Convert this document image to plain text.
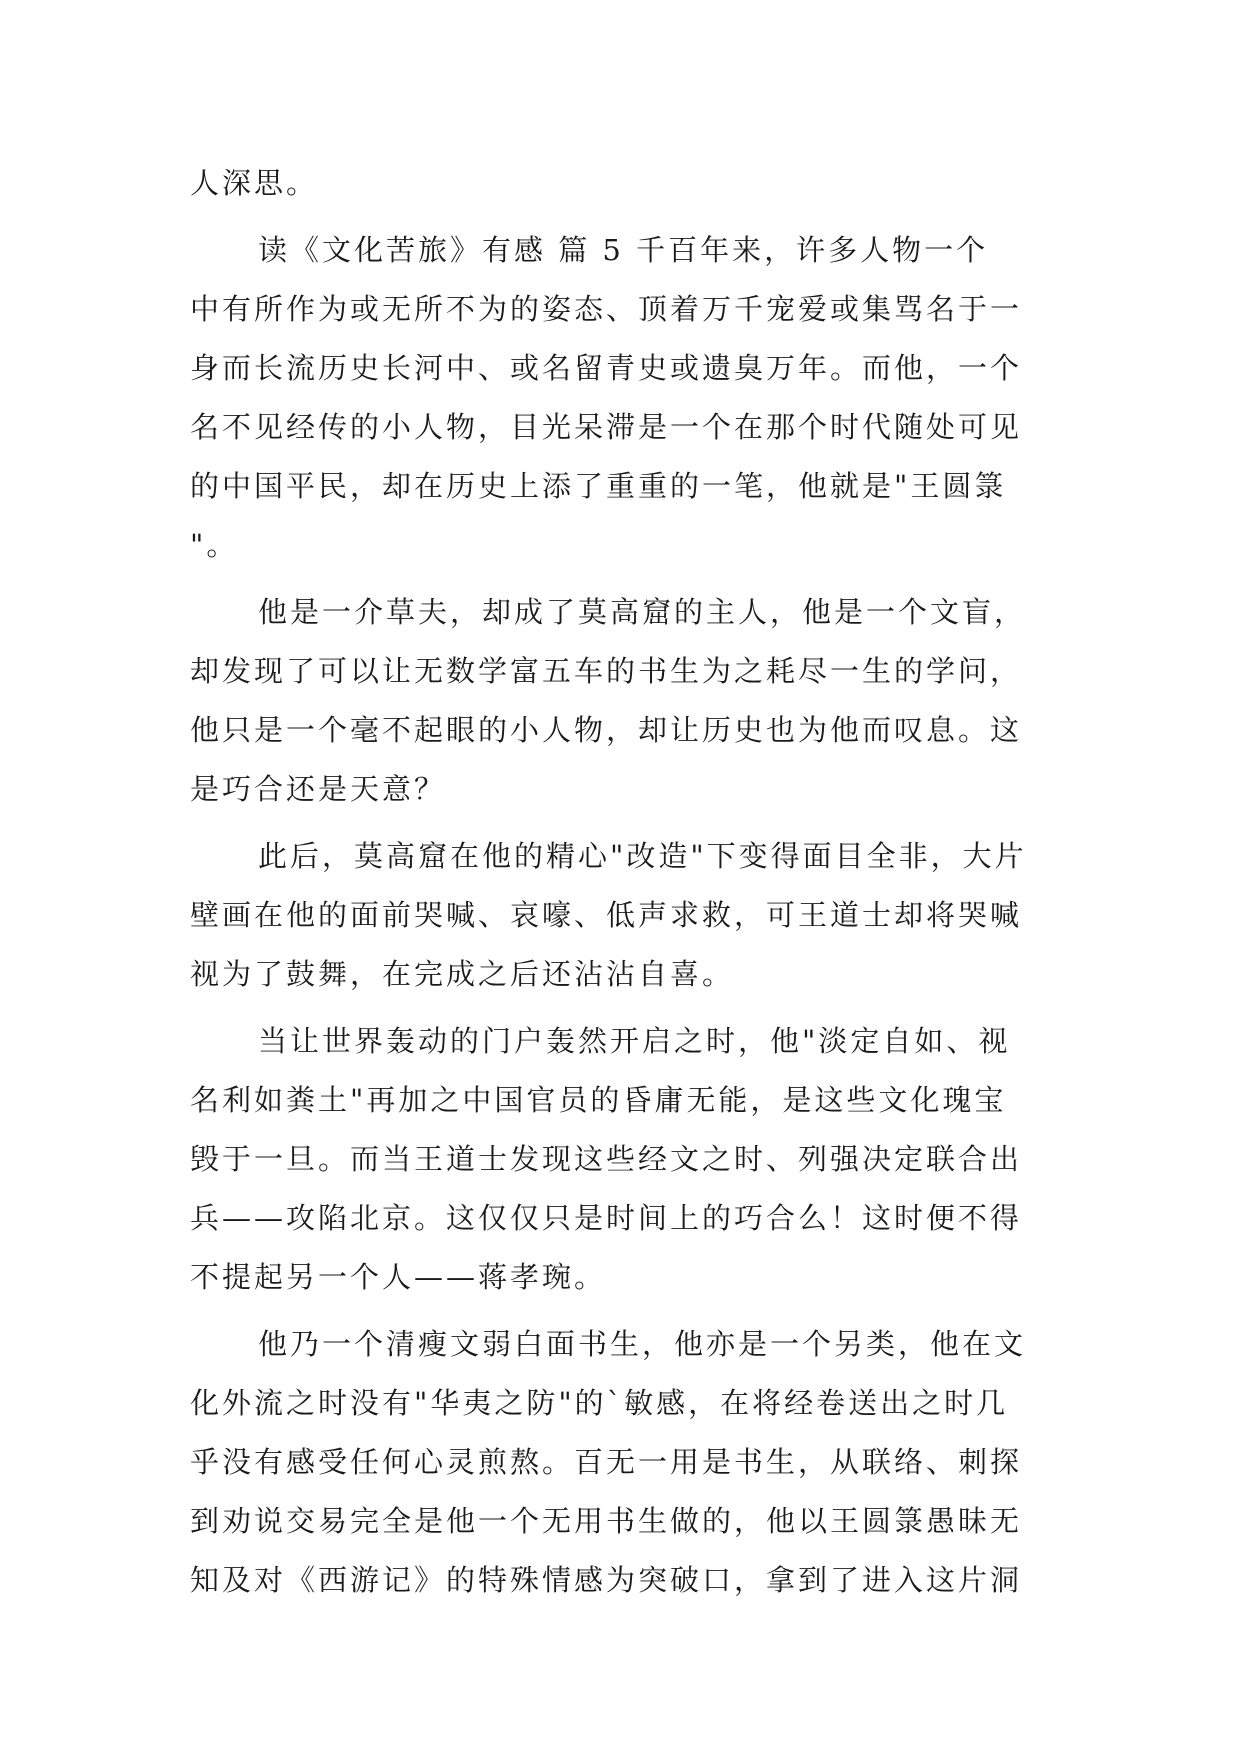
人深思。
读《文化苦旅》有感 篇 5 千百年来，许多人物一个
中有所作为或无所不为的姿态、顶着万千宠爱或集骂名于一
身而长流历史长河中、或名留青史或遗臭万年。而他，一个
名不见经传的小人物，目光呆滞是一个在那个时代随处可见
的中国平民，却在历史上添了重重的一笔，他就是"王圆箓
"。
他是一介草夫，却成了莫高窟的主人，他是一个文盲，
却发现了可以让无数学富五车的书生为之耗尽一生的学问，
他只是一个毫不起眼的小人物，却让历史也为他而叹息。这
是巧合还是天意？
此后，莫高窟在他的精心"改造"下变得面目全非，大片
壁画在他的面前哭喊、哀嚎、低声求救，可王道士却将哭喊
视为了鼓舞，在完成之后还沾沾自喜。
当让世界轰动的门户轰然开启之时，他"淡定自如、视
名利如粪土"再加之中国官员的昏庸无能，是这些文化瑰宝
毁于一旦。而当王道士发现这些经文之时、列强决定联合出
兵——攻陷北京。这仅仅只是时间上的巧合么！这时便不得
不提起另一个人——蒋孝琬。
他乃一个清瘦文弱白面书生，他亦是一个另类，他在文
化外流之时没有"华夷之防"的`敏感，在将经卷送出之时几
乎没有感受任何心灵煎熬。百无一用是书生，从联络、刺探
到劝说交易完全是他一个无用书生做的，他以王圆箓愚昧无
知及对《西游记》的特殊情感为突破口，拿到了进入这片洞
